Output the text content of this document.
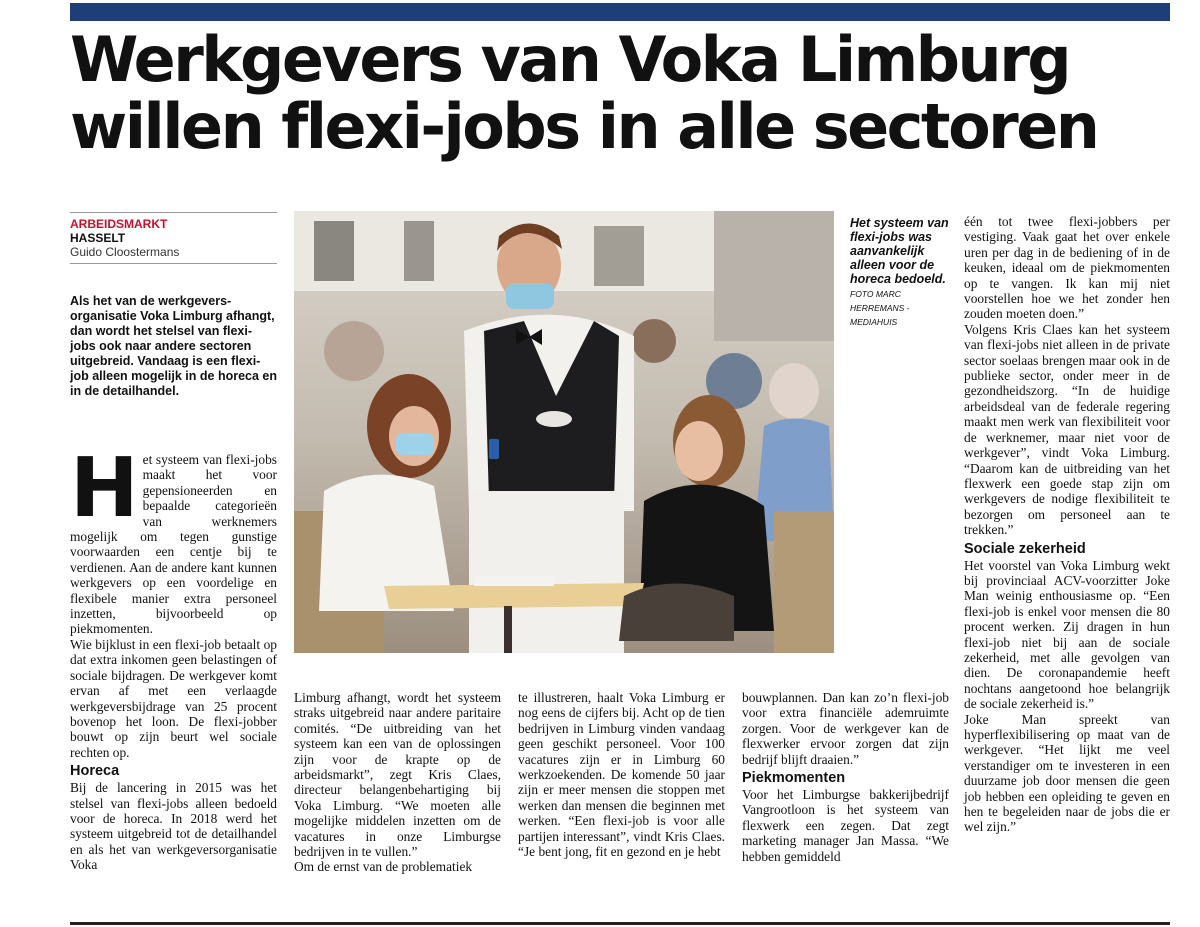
Werkgevers van Voka Limburg
willen flexi-jobs in alle sectoren
ARBEIDSMARKT
HASSELT
Guido Cloostermans

Als het van de werkgeversorganisatie Voka Limburg afhangt, dan wordt het stelsel van flexi-jobs ook naar andere sectoren uitgebreid. Vandaag is een flexi-job alleen mogelijk in de horeca en in de detailhandel.

Het systeem van flexi-jobs maakt het voor gepensioneerden en bepaalde categorieën van werknemers mogelijk om tegen gunstige voorwaarden een centje bij te verdienen. Aan de andere kant kunnen werkgevers op een voordelige en flexibele manier extra personeel inzetten, bijvoorbeeld op piekmomenten.

Wie bijklust in een flexi-job betaalt op dat extra inkomen geen belastingen of sociale bijdragen. De werkgever komt ervan af met een verlaagde werkgeversbijdrage van 25 procent bovenop het loon. De flexi-jobber bouwt op zijn beurt wel sociale rechten op.

Horeca

Bij de lancering in 2015 was het stelsel van flexi-jobs alleen bedoeld voor de horeca. In 2018 werd het systeem uitgebreid tot de detailhandel en als het van werkgeversorganisatie Voka

Het systeem van flexi-jobs was aanvankelijk alleen voor de horeca bedoeld. FOTO MARC HERREMANS - MEDIAHUIS

Limburg afhangt, wordt het systeem straks uitgebreid naar andere paritaire comités. “De uitbreiding van het systeem kan een van de oplossingen zijn voor de krapte op de arbeidsmarkt”, zegt Kris Claes, directeur belangenbehartiging bij Voka Limburg. “We moeten alle mogelijke middelen inzetten om de vacatures in onze Limburgse bedrijven in te vullen.”

Om de ernst van de problematiek

te illustreren, haalt Voka Limburg er nog eens de cijfers bij. Acht op de tien bedrijven in Limburg vinden vandaag geen geschikt personeel. Voor 100 vacatures zijn er in Limburg 60 werkzoekenden. De komende 50 jaar zijn er meer mensen die stoppen met werken dan mensen die beginnen met werken. “Een flexi-job is voor alle partijen interessant”, vindt Kris Claes. “Je bent jong, fit en gezond en je hebt

bouwplannen. Dan kan zo’n flexi-job voor extra financiële ademruimte zorgen. Voor de werkgever kan de flexwerker ervoor zorgen dat zijn bedrijf blijft draaien.”

Piekmomenten

Voor het Limburgse bakkerijbedrijf Vangrootloon is het systeem van flexwerk een zegen. Dat zegt marketing manager Jan Massa. “We hebben gemiddeld

één tot twee flexi-jobbers per vestiging. Vaak gaat het over enkele uren per dag in de bediening of in de keuken, ideaal om de piekmomenten op te vangen. Ik kan mij niet voorstellen hoe we het zonder hen zouden moeten doen.”

Volgens Kris Claes kan het systeem van flexi-jobs niet alleen in de private sector soelaas brengen maar ook in de publieke sector, onder meer in de gezondheidszorg. “In de huidige arbeidsdeal van de federale regering maakt men werk van flexibiliteit voor de werknemer, maar niet voor de werkgever”, vindt Voka Limburg. “Daarom kan de uitbreiding van het flexwerk een goede stap zijn om werkgevers de nodige flexibiliteit te bezorgen om personeel aan te trekken.”

Sociale zekerheid

Het voorstel van Voka Limburg wekt bij provinciaal ACV-voorzitter Joke Man weinig enthousiasme op. “Een flexi-job is enkel voor mensen die 80 procent werken. Zij dragen in hun flexi-job niet bij aan de sociale zekerheid, met alle gevolgen van dien. De coronapandemie heeft nochtans aangetoond hoe belangrijk de sociale zekerheid is.”

Joke Man spreekt van hyperflexibilisering op maat van de werkgever. “Het lijkt me veel verstandiger om te investeren in een duurzame job door mensen die geen job hebben een opleiding te geven en hen te begeleiden naar de jobs die er wel zijn.”
